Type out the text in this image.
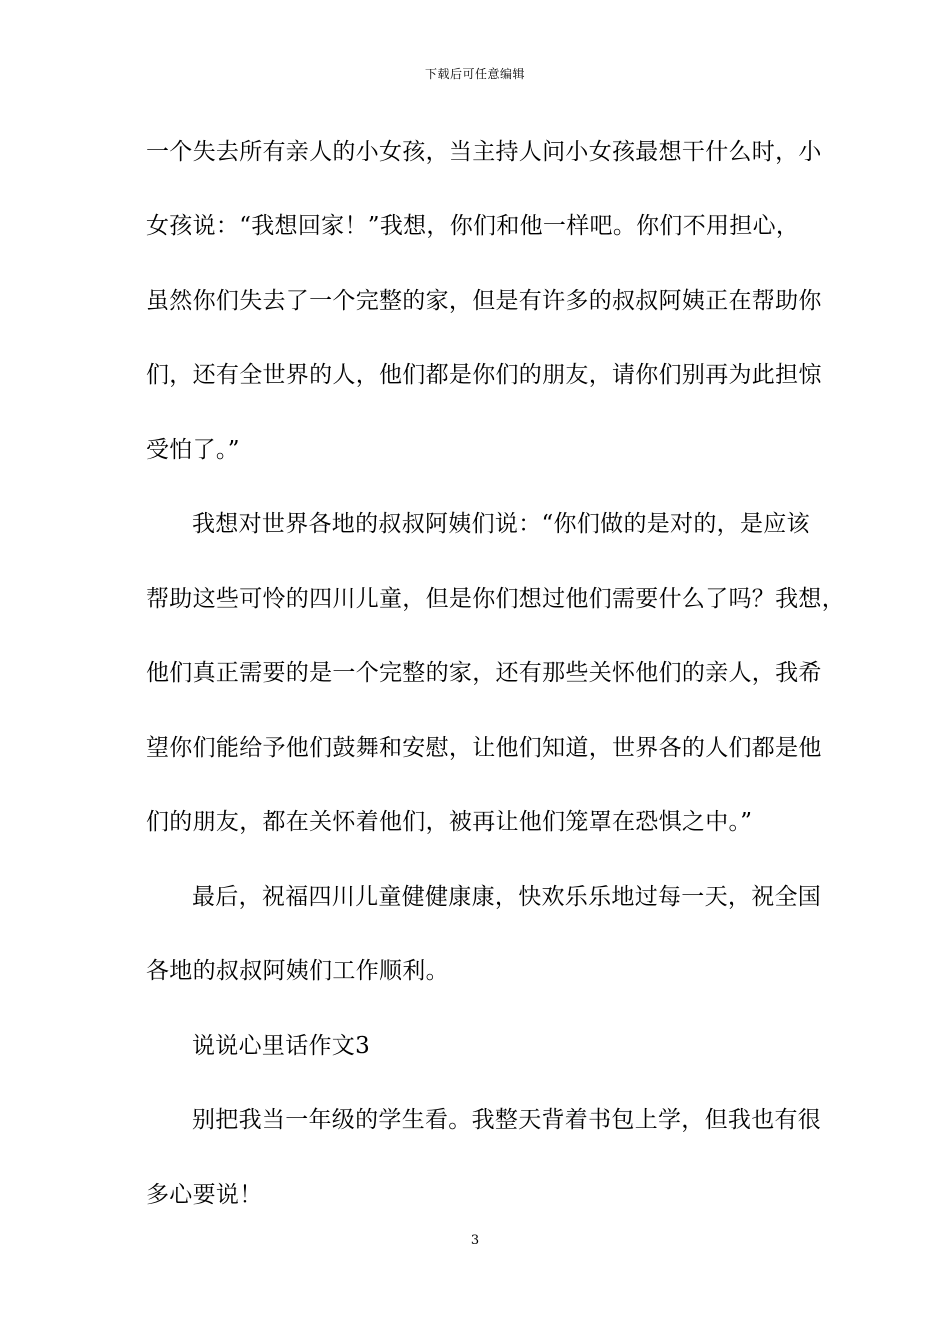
下载后可任意编辑
一个失去所有亲人的小女孩，当主持人问小女孩最想干什么时，小
女孩说：“我想回家！”我想，你们和他一样吧。你们不用担心，
虽然你们失去了一个完整的家，但是有许多的叔叔阿姨正在帮助你
们，还有全世界的人，他们都是你们的朋友，请你们别再为此担惊
受怕了。”
我想对世界各地的叔叔阿姨们说：“你们做的是对的，是应该
帮助这些可怜的四川儿童，但是你们想过他们需要什么了吗？我想，
他们真正需要的是一个完整的家，还有那些关怀他们的亲人，我希
望你们能给予他们鼓舞和安慰，让他们知道，世界各的人们都是他
们的朋友，都在关怀着他们，被再让他们笼罩在恐惧之中。”
最后，祝福四川儿童健健康康，快欢乐乐地过每一天，祝全国
各地的叔叔阿姨们工作顺利。
说说心里话作文3
别把我当一年级的学生看。我整天背着书包上学，但我也有很
多心要说！
3
